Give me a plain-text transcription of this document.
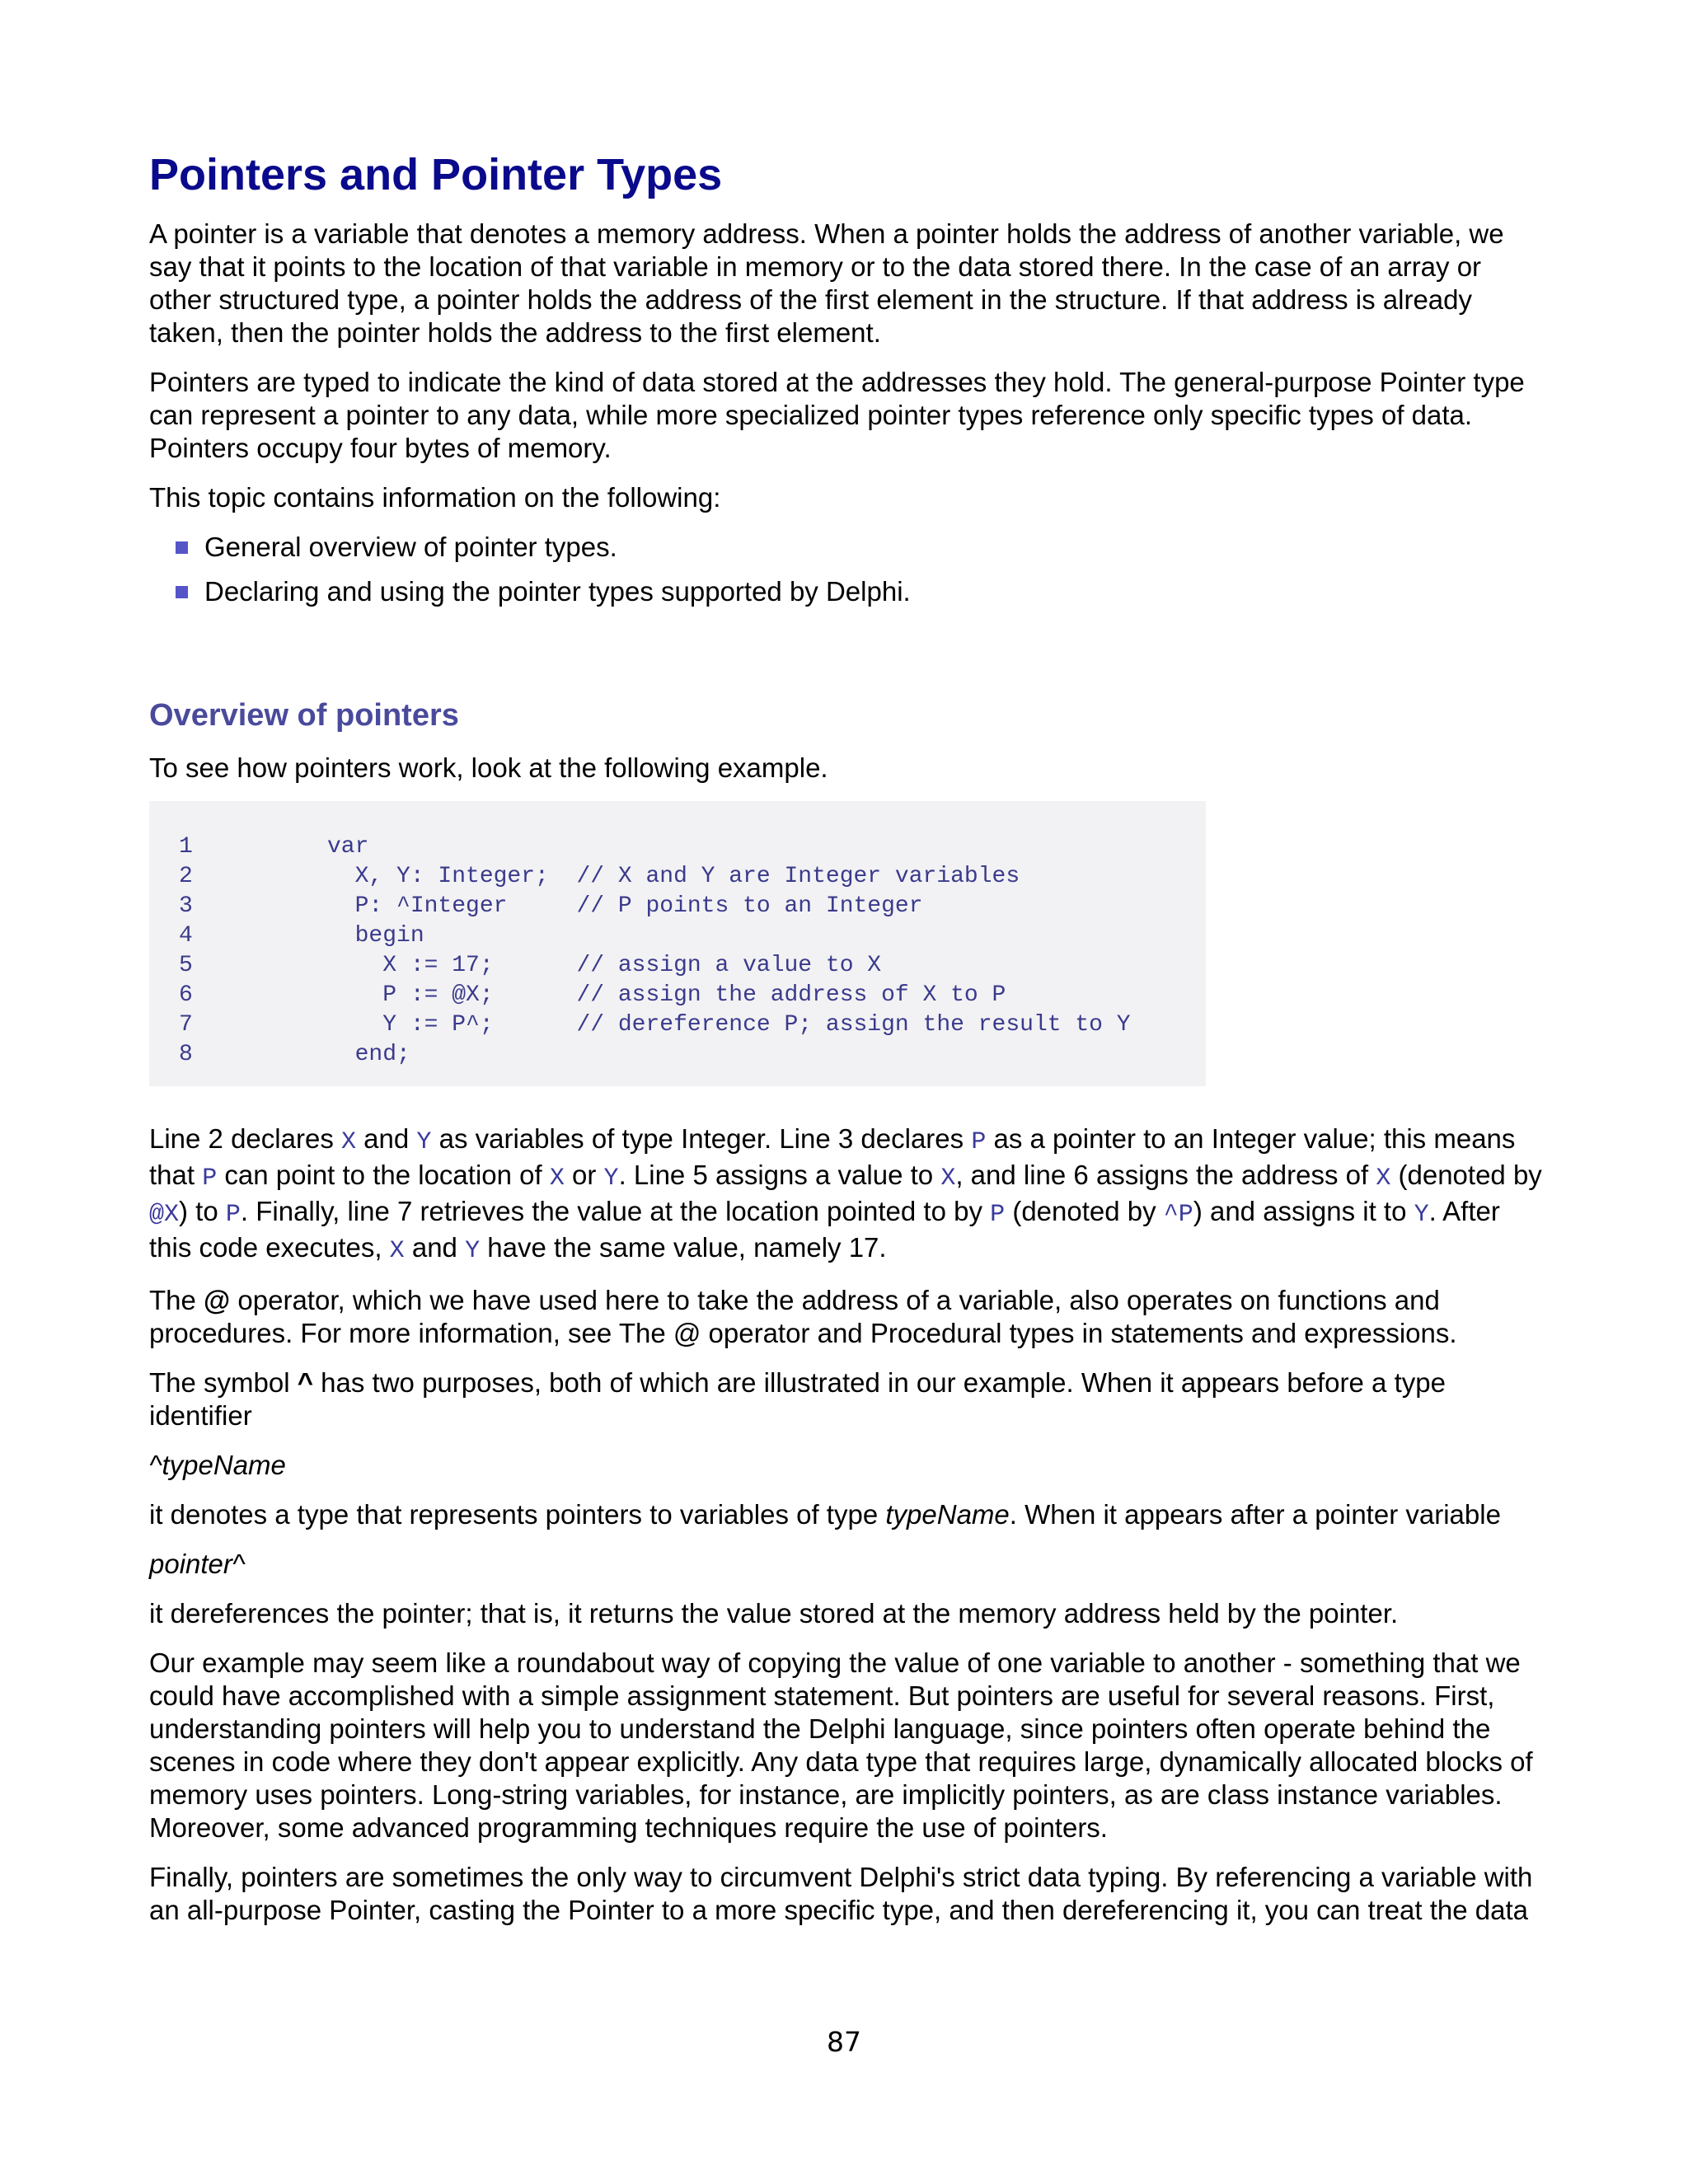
Pointers and Pointer Types

A pointer is a variable that denotes a memory address. When a pointer holds the address of another variable, we say that it points to the location of that variable in memory or to the data stored there. In the case of an array or other structured type, a pointer holds the address of the first element in the structure. If that address is already taken, then the pointer holds the address to the first element.

Pointers are typed to indicate the kind of data stored at the addresses they hold. The general-purpose Pointer type can represent a pointer to any data, while more specialized pointer types reference only specific types of data. Pointers occupy four bytes of memory.

This topic contains information on the following:

General overview of pointer types.
Declaring and using the pointer types supported by Delphi.
Overview of pointers

To see how pointers work, look at the following example.

1	var
2	X, Y: Integer;  // X and Y are Integer variables
3	P: ^Integer     // P points to an Integer
4	begin
5	X := 17;      // assign a value to X
6	P := @X;      // assign the address of X to P
7	Y := P^;      // dereference P; assign the result to Y
8	end;

Line 2 declares X and Y as variables of type Integer. Line 3 declares P as a pointer to an Integer value; this means that P can point to the location of X or Y. Line 5 assigns a value to X, and line 6 assigns the address of X (denoted by @X) to P. Finally, line 7 retrieves the value at the location pointed to by P (denoted by ^P) and assigns it to Y. After this code executes, X and Y have the same value, namely 17.

The @ operator, which we have used here to take the address of a variable, also operates on functions and procedures. For more information, see The @ operator and Procedural types in statements and expressions.

The symbol ^ has two purposes, both of which are illustrated in our example. When it appears before a type identifier

^typeName

it denotes a type that represents pointers to variables of type typeName. When it appears after a pointer variable

pointer^

it dereferences the pointer; that is, it returns the value stored at the memory address held by the pointer.

Our example may seem like a roundabout way of copying the value of one variable to another - something that we could have accomplished with a simple assignment statement. But pointers are useful for several reasons. First, understanding pointers will help you to understand the Delphi language, since pointers often operate behind the scenes in code where they don't appear explicitly. Any data type that requires large, dynamically allocated blocks of memory uses pointers. Long-string variables, for instance, are implicitly pointers, as are class instance variables. Moreover, some advanced programming techniques require the use of pointers.

Finally, pointers are sometimes the only way to circumvent Delphi's strict data typing. By referencing a variable with an all-purpose Pointer, casting the Pointer to a more specific type, and then dereferencing it, you can treat the data

87
